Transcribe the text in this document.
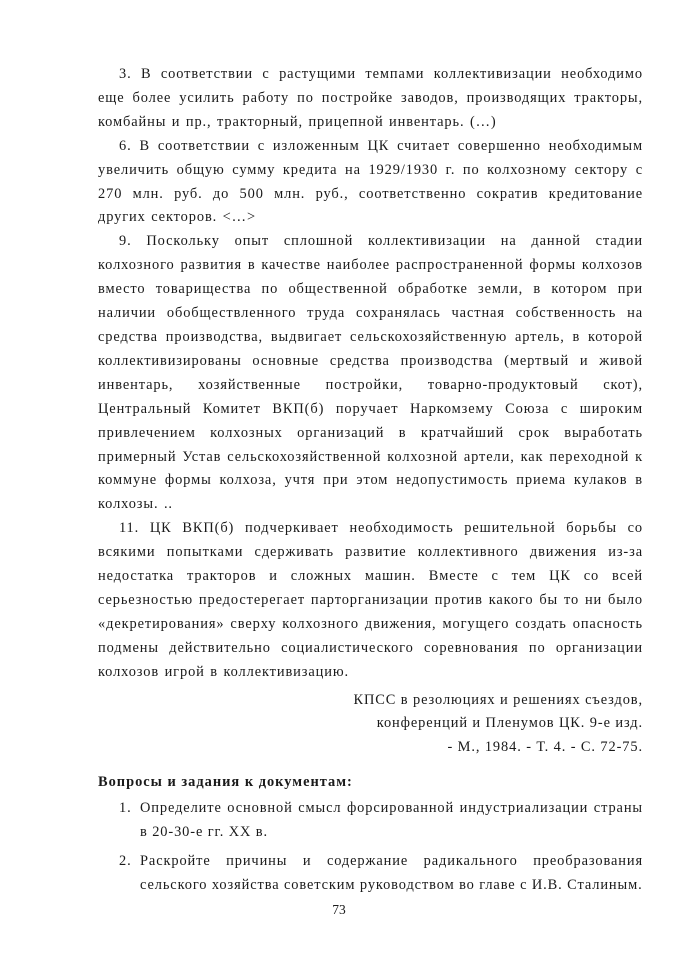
3. В соответствии с растущими темпами коллективизации необходимо еще более усилить работу по постройке заводов, производящих тракторы, комбайны и пр., тракторный, прицепной инвентарь. (…)

6. В соответствии с изложенным ЦК считает совершенно необходимым увеличить общую сумму кредита на 1929/1930 г. по колхозному сектору с 270 млн. руб. до 500 млн. руб., соответственно сократив кредитование других секторов. <…>

9. Поскольку опыт сплошной коллективизации на данной стадии колхозного развития в качестве наиболее распространенной формы колхозов вместо товарищества по общественной обработке земли, в котором при наличии обобществленного труда сохранялась частная собственность на средства производства, выдвигает сельскохозяйственную артель, в которой коллективизированы основные средства производства (мертвый и живой инвентарь, хозяйственные постройки, товарно-продуктовый скот), Центральный Комитет ВКП(б) поручает Наркомзему Союза с широким привлечением колхозных организаций в кратчайший срок выработать примерный Устав сельскохозяйственной колхозной артели, как переходной к коммуне формы колхоза, учтя при этом недопустимость приема кулаков в колхозы. ..

11. ЦК ВКП(б) подчеркивает необходимость решительной борьбы со всякими попытками сдерживать развитие коллективного движения из-за недостатка тракторов и сложных машин. Вместе с тем ЦК со всей серьезностью предостерегает парторганизации против какого бы то ни было «декретирования» сверху колхозного движения, могущего создать опасность подмены действительно социалистического соревнования по организации колхозов игрой в коллективизацию.

КПСС в резолюциях и решениях съездов,
конференций и Пленумов ЦК. 9-е изд.
- М., 1984. - Т. 4. - С. 72-75.
Вопросы и задания к документам:
1. Определите основной смысл форсированной индустриализации страны в 20-30-е гг. XX в.
2. Раскройте причины и содержание радикального преобразования сельского хозяйства советским руководством во главе с И.В. Сталиным.
73
